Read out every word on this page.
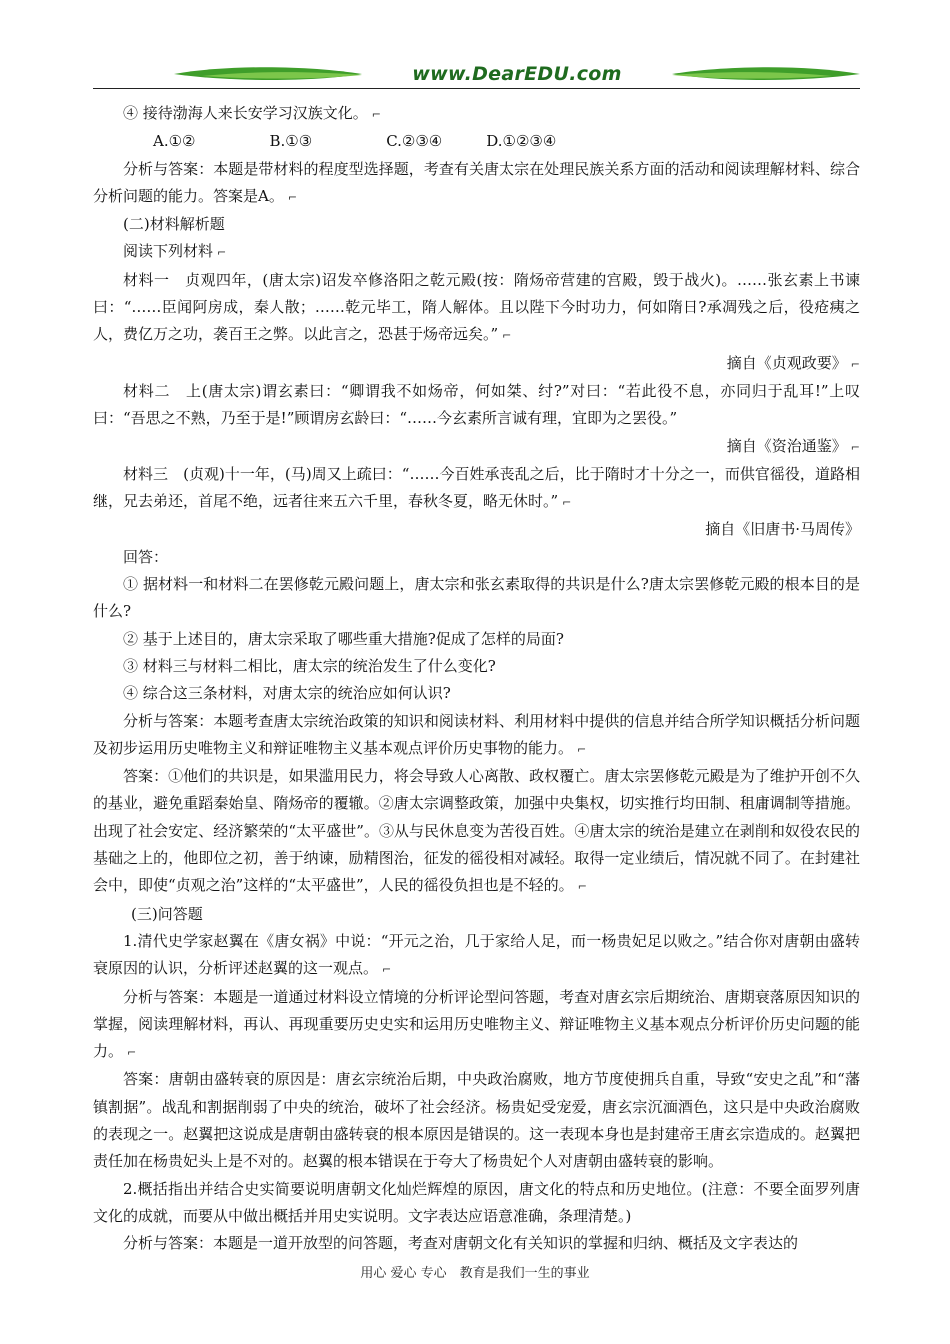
www.DearEDU.com

④ 接待渤海人来长安学习汉族文化。 ⌐

A.①②	B.①③	C.②③④	D.①②③④

分析与答案：本题是带材料的程度型选择题，考查有关唐太宗在处理民族关系方面的活动和阅读理解材料、综合分析问题的能力。答案是A。 ⌐

(二)材料解析题

阅读下列材料 ⌐

材料一　贞观四年，(唐太宗)诏发卒修洛阳之乾元殿(按：隋炀帝营建的宫殿，毁于战火)。……张玄素上书谏曰：“……臣闻阿房成，秦人散；……乾元毕工，隋人解体。且以陛下今时功力，何如隋日?承凋残之后，役疮痍之人，费亿万之功，袭百王之弊。以此言之，恐甚于炀帝远矣。” ⌐

摘自《贞观政要》 ⌐

材料二　上(唐太宗)谓玄素曰：“卿谓我不如炀帝，何如桀、纣?”对曰：“若此役不息，亦同归于乱耳!”上叹曰：“吾思之不熟，乃至于是!”顾谓房玄龄曰：“……今玄素所言诚有理，宜即为之罢役。”

摘自《资治通鉴》 ⌐

材料三　(贞观)十一年，(马)周又上疏曰：“……今百姓承丧乱之后，比于隋时才十分之一，而供官徭役，道路相继，兄去弟还，首尾不绝，远者往来五六千里，春秋冬夏，略无休时。” ⌐

摘自《旧唐书·马周传》

回答：

① 据材料一和材料二在罢修乾元殿问题上，唐太宗和张玄素取得的共识是什么?唐太宗罢修乾元殿的根本目的是什么?

② 基于上述目的，唐太宗采取了哪些重大措施?促成了怎样的局面?

③ 材料三与材料二相比，唐太宗的统治发生了什么变化?

④ 综合这三条材料，对唐太宗的统治应如何认识?

分析与答案：本题考查唐太宗统治政策的知识和阅读材料、利用材料中提供的信息并结合所学知识概括分析问题及初步运用历史唯物主义和辩证唯物主义基本观点评价历史事物的能力。 ⌐

答案：①他们的共识是，如果滥用民力，将会导致人心离散、政权覆亡。唐太宗罢修乾元殿是为了维护开创不久的基业，避免重蹈秦始皇、隋炀帝的覆辙。②唐太宗调整政策，加强中央集权，切实推行均田制、租庸调制等措施。出现了社会安定、经济繁荣的“太平盛世”。③从与民休息变为苦役百姓。④唐太宗的统治是建立在剥削和奴役农民的基础之上的，他即位之初，善于纳谏，励精图治，征发的徭役相对减轻。取得一定业绩后，情况就不同了。在封建社会中，即使“贞观之治”这样的“太平盛世”，人民的徭役负担也是不轻的。 ⌐

(三)问答题

1.清代史学家赵翼在《唐女祸》中说：“开元之治，几于家给人足，而一杨贵妃足以败之。”结合你对唐朝由盛转衰原因的认识，分析评述赵翼的这一观点。 ⌐

分析与答案：本题是一道通过材料设立情境的分析评论型问答题，考查对唐玄宗后期统治、唐期衰落原因知识的掌握，阅读理解材料，再认、再现重要历史史实和运用历史唯物主义、辩证唯物主义基本观点分析评价历史问题的能力。 ⌐

答案：唐朝由盛转衰的原因是：唐玄宗统治后期，中央政治腐败，地方节度使拥兵自重，导致“安史之乱”和“藩镇割据”。战乱和割据削弱了中央的统治，破坏了社会经济。杨贵妃受宠爱，唐玄宗沉湎酒色，这只是中央政治腐败的表现之一。赵翼把这说成是唐朝由盛转衰的根本原因是错误的。这一表现本身也是封建帝王唐玄宗造成的。赵翼把责任加在杨贵妃头上是不对的。赵翼的根本错误在于夸大了杨贵妃个人对唐朝由盛转衰的影响。

2.概括指出并结合史实简要说明唐朝文化灿烂辉煌的原因，唐文化的特点和历史地位。(注意：不要全面罗列唐文化的成就，而要从中做出概括并用史实说明。文字表达应语意准确，条理清楚。)

分析与答案：本题是一道开放型的问答题，考查对唐朝文化有关知识的掌握和归纳、概括及文字表达的

用心 爱心 专心　教育是我们一生的事业
